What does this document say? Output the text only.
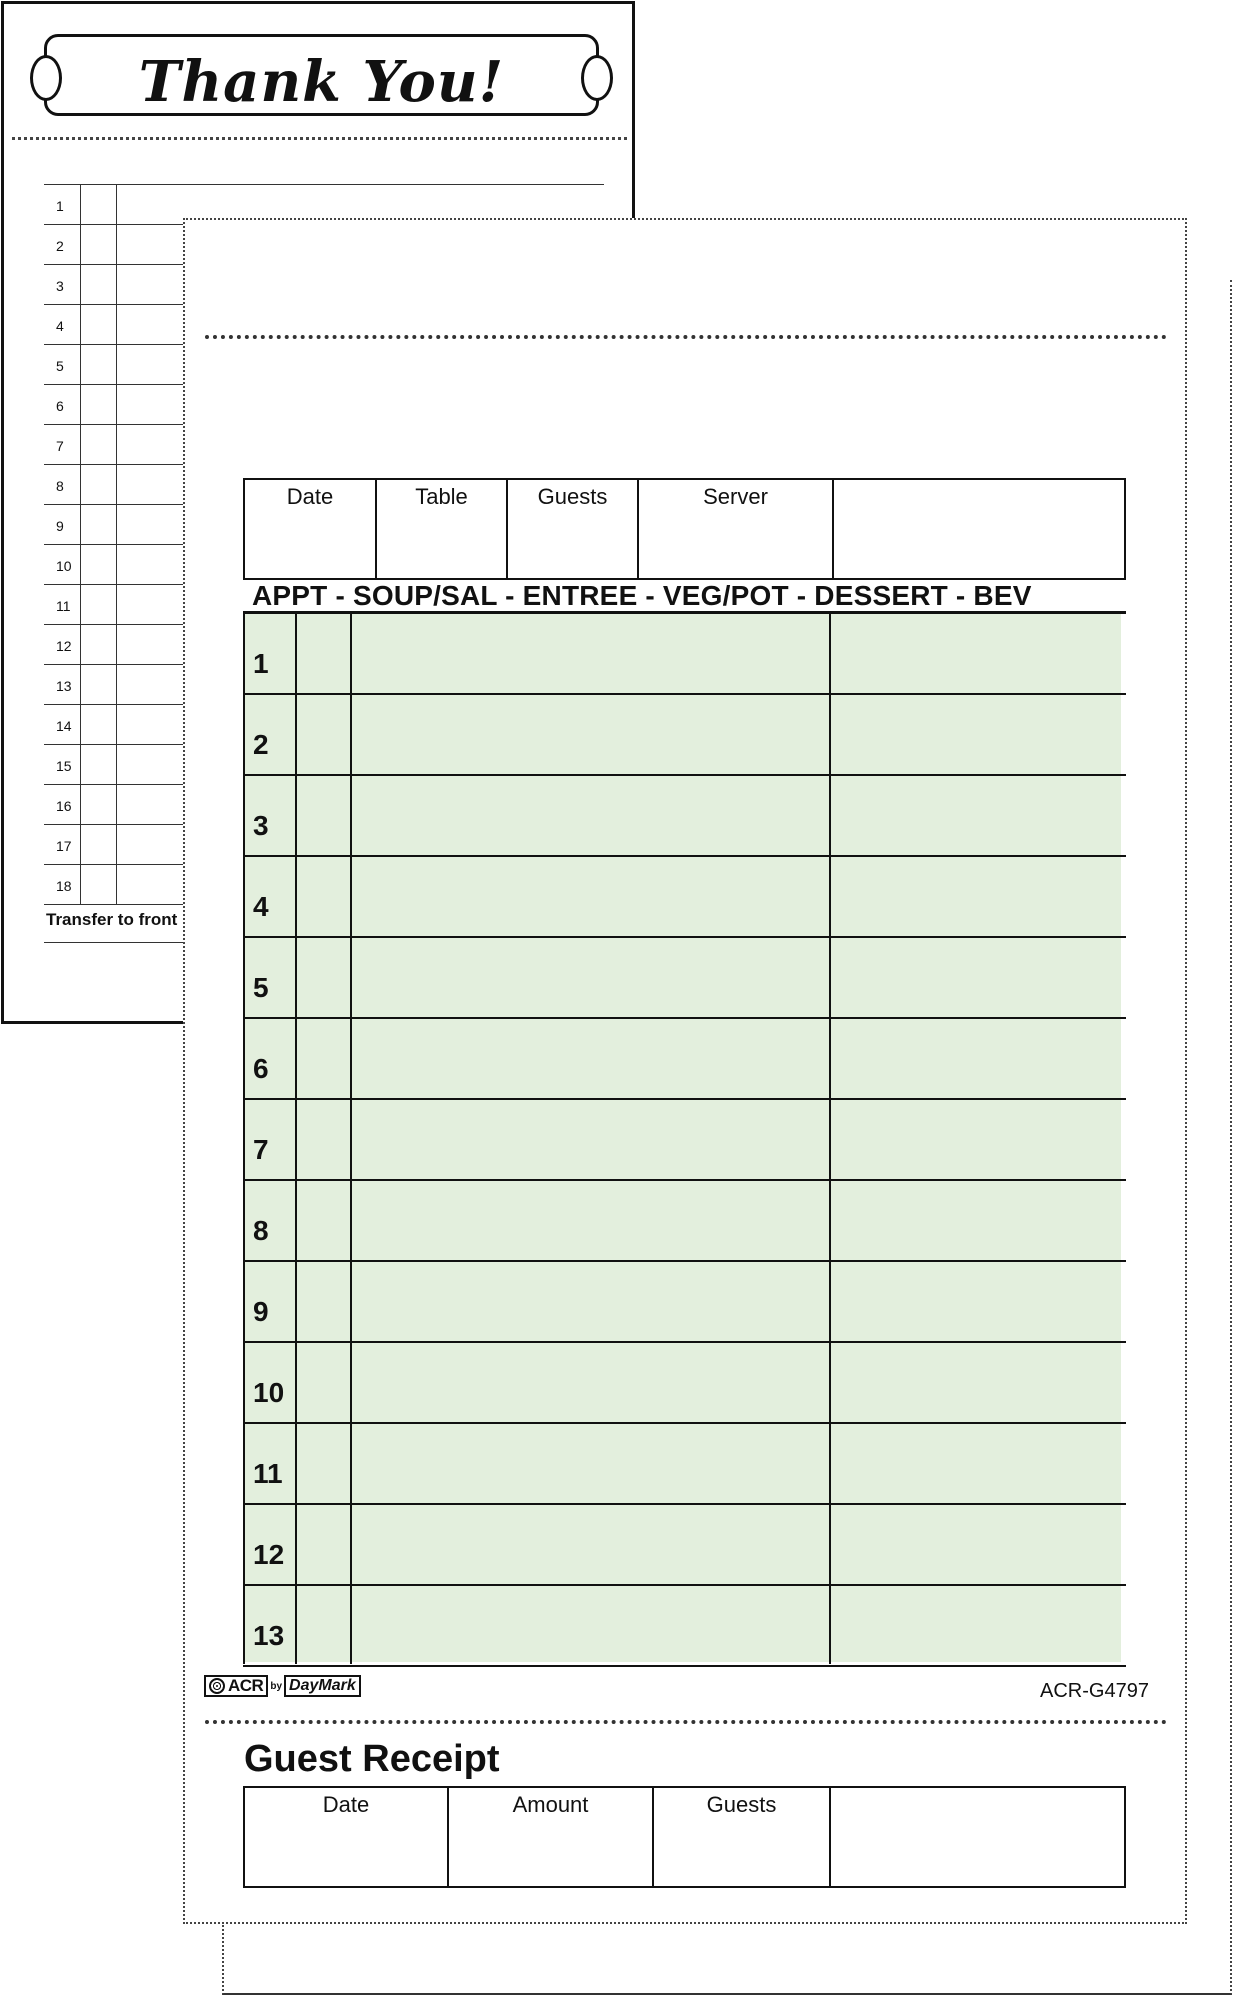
Thank You!
1
2
3
4
5
6
7
8
9
10
11
12
13
14
15
16
17
18
Transfer to front
Date	Table	Guests	Server
APPT - SOUP/SAL - ENTREE - VEG/POT - DESSERT - BEV
1
2
3
4
5
6
7
8
9
10
11
12
13
ACR by DayMark	ACR-G4797
Guest Receipt
Date	Amount	Guests
